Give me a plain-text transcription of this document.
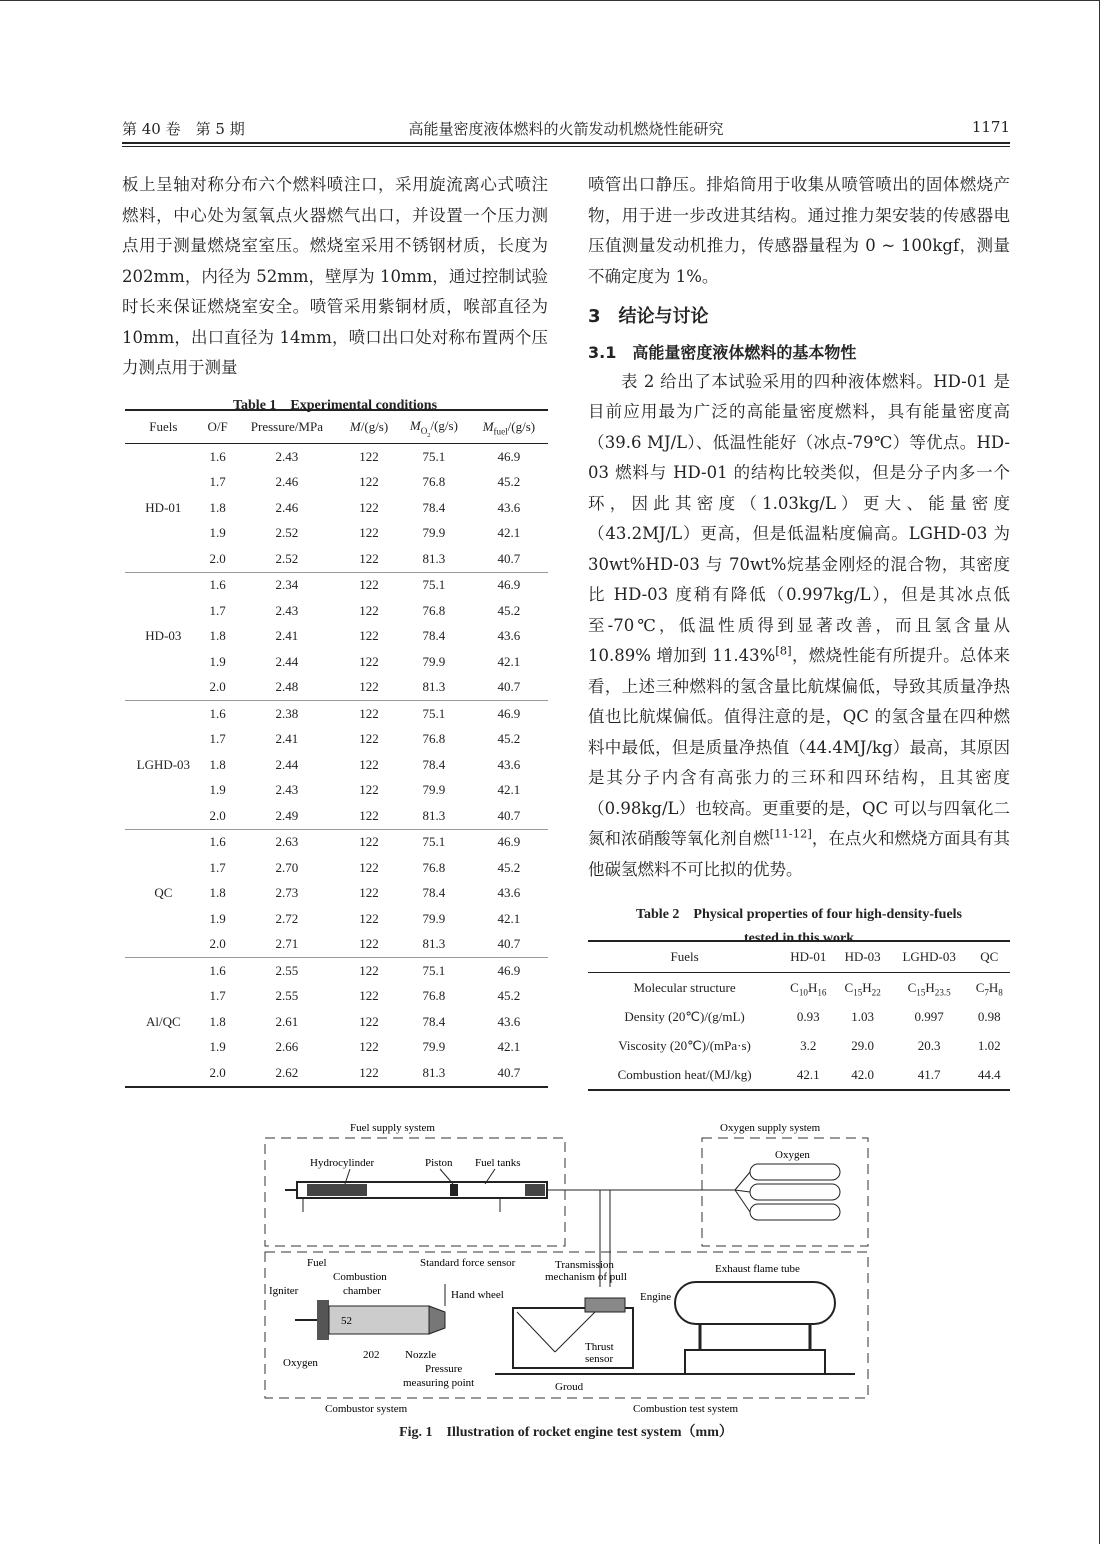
第 40 卷　第 5 期	高能量密度液体燃料的火箭发动机燃烧性能研究	1171

板上呈轴对称分布六个燃料喷注口，采用旋流离心式喷注燃料，中心处为氢氧点火器燃气出口，并设置一个压力测点用于测量燃烧室室压。燃烧室采用不锈钢材质，长度为 202mm，内径为 52mm，壁厚为 10mm，通过控制试验时长来保证燃烧室安全。喷管采用紫铜材质，喉部直径为 10mm，出口直径为 14mm，喷口出口处对称布置两个压力测点用于测量

Table 1　Experimental conditions
Fuels	O/F	Pressure/MPa	M/(g/s)	$M_{O_2}/(g/s)$	$M_{fuel}/(g/s)$
HD-01	1.6	2.43	122	75.1	46.9
	1.7	2.46	122	76.8	45.2
	1.8	2.46	122	78.4	43.6
	1.9	2.52	122	79.9	42.1
	2.0	2.52	122	81.3	40.7
HD-03	1.6	2.34	122	75.1	46.9
	1.7	2.43	122	76.8	45.2
	1.8	2.41	122	78.4	43.6
	1.9	2.44	122	79.9	42.1
	2.0	2.48	122	81.3	40.7
LGHD-03	1.6	2.38	122	75.1	46.9
	1.7	2.41	122	76.8	45.2
	1.8	2.44	122	78.4	43.6
	1.9	2.43	122	79.9	42.1
	2.0	2.49	122	81.3	40.7
QC	1.6	2.63	122	75.1	46.9
	1.7	2.70	122	76.8	45.2
	1.8	2.73	122	78.4	43.6
	1.9	2.72	122	79.9	42.1
	2.0	2.71	122	81.3	40.7
Al/QC	1.6	2.55	122	75.1	46.9
	1.7	2.55	122	76.8	45.2
	1.8	2.61	122	78.4	43.6
	1.9	2.66	122	79.9	42.1
	2.0	2.62	122	81.3	40.7

喷管出口静压。排焰筒用于收集从喷管喷出的固体燃烧产物，用于进一步改进其结构。通过推力架安装的传感器电压值测量发动机推力，传感器量程为 0 ~ 100kgf，测量不确定度为 1%。

3　结论与讨论

3.1　高能量密度液体燃料的基本物性

表 2 给出了本试验采用的四种液体燃料。HD-01 是目前应用最为广泛的高能量密度燃料，具有能量密度高（39.6 MJ/L）、低温性能好（冰点-79℃）等优点。HD-03 燃料与 HD-01 的结构比较类似，但是分子内多一个环，因此其密度（1.03kg/L）更大、能量密度（43.2MJ/L）更高，但是低温粘度偏高。LGHD-03 为 30wt%HD-03 与 70wt%烷基金刚烃的混合物，其密度比 HD-03 度稍有降低（0.997kg/L），但是其冰点低至-70℃，低温性质得到显著改善，而且氢含量从 10.89% 增加到 11.43%[8]，燃烧性能有所提升。总体来看，上述三种燃料的氢含量比航煤偏低，导致其质量净热值也比航煤偏低。值得注意的是，QC 的氢含量在四种燃料中最低，但是质量净热值（44.4MJ/kg）最高，其原因是其分子内含有高张力的三环和四环结构，且其密度（0.98kg/L）也较高。更重要的是，QC 可以与四氧化二氮和浓硝酸等氧化剂自燃[11-12]，在点火和燃烧方面具有其他碳氢燃料不可比拟的优势。

Table 2　Physical properties of four high-density-fuels
tested in this work
Fuels	HD-01	HD-03	LGHD-03	QC
Molecular structure	$C_{10}H_{16}$	$C_{15}H_{22}$	$C_{15}H_{23.5}$	$C_7H_8$
Density (20℃)/(g/mL)	0.93	1.03	0.997	0.98
Viscosity (20℃)/(mPa·s)	3.2	29.0	20.3	1.02
Combustion heat/(MJ/kg)	42.1	42.0	41.7	44.4
Fuel supply system	Oxygen supply system
Hydrocylinder	Piston Fuel tanks
Oxygen
Fuel
Igniter
Combustion
chamber
52
Oxygen
202 Nozzle
Pressure
measuring point
Standard force sensor	Transmission
mechanism of pull
Hand wheel	Engine
Thrust
sensor
Groud
Exhaust flame tube
Combustor system	Combustion test system
Fig. 1　Illustration of rocket engine test system（mm）
